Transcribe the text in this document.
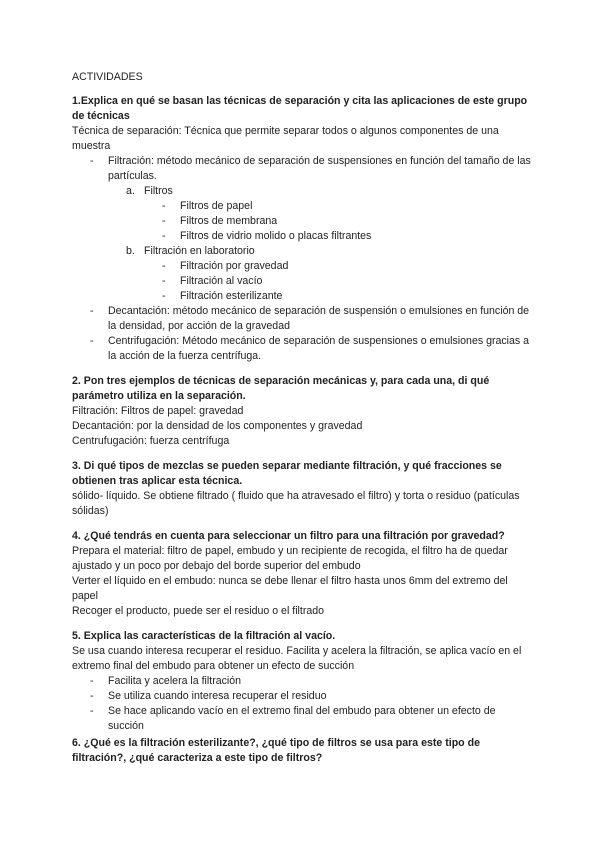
ACTIVIDADES
1.Explica en qué se basan las técnicas de separación y cita las aplicaciones de este grupo de técnicas

Técnica de separación: Técnica que permite separar todos o algunos componentes de una muestra

- Filtración: método mecánico de separación de suspensiones en función del tamaño de las partículas.
a. Filtros
- Filtros de papel
- Filtros de membrana
- Filtros de vidrio molido o placas filtrantes
b. Filtración en laboratorio
- Filtración por gravedad
- Filtración al vacío
- Filtración esterilizante
- Decantación: método mecánico de separación de suspensión o emulsiones en función de la densidad, por acción de la gravedad
- Centrifugación: Método mecánico de separación de suspensiones o emulsiones gracias a la acción de la fuerza centrífuga.
2. Pon tres ejemplos de técnicas de separación mecánicas y, para cada una, di qué parámetro utiliza en la separación.

Filtración: Filtros de papel: gravedad

Decantación: por la densidad de los componentes y gravedad

Centrufugación: fuerza centrífuga

3. Di qué tipos de mezclas se pueden separar mediante filtración, y qué fracciones se obtienen tras aplicar esta técnica.

sólido- líquido. Se obtiene filtrado ( fluido que ha atravesado el filtro) y torta o residuo (patículas sólidas)

4. ¿Qué tendrás en cuenta para seleccionar un filtro para una filtración por gravedad?

Prepara el material: filtro de papel, embudo y un recipiente de recogida, el filtro ha de quedar ajustado y un poco por debajo del borde superior del embudo

Verter el líquido en el embudo: nunca se debe llenar el filtro hasta unos 6mm del extremo del papel

Recoger el producto, puede ser el residuo o el filtrado

5. Explica las características de la filtración al vacío.

Se usa cuando interesa recuperar el residuo. Facilita y acelera la filtración, se aplica vacío en el extremo final del embudo para obtener un efecto de succión

- Facilita y acelera la filtración
- Se utiliza cuando interesa recuperar el residuo
- Se hace aplicando vacío en el extremo final del embudo para obtener un efecto de succión
6. ¿Qué es la filtración esterilizante?, ¿qué tipo de filtros se usa para este tipo de filtración?, ¿qué caracteriza a este tipo de filtros?
